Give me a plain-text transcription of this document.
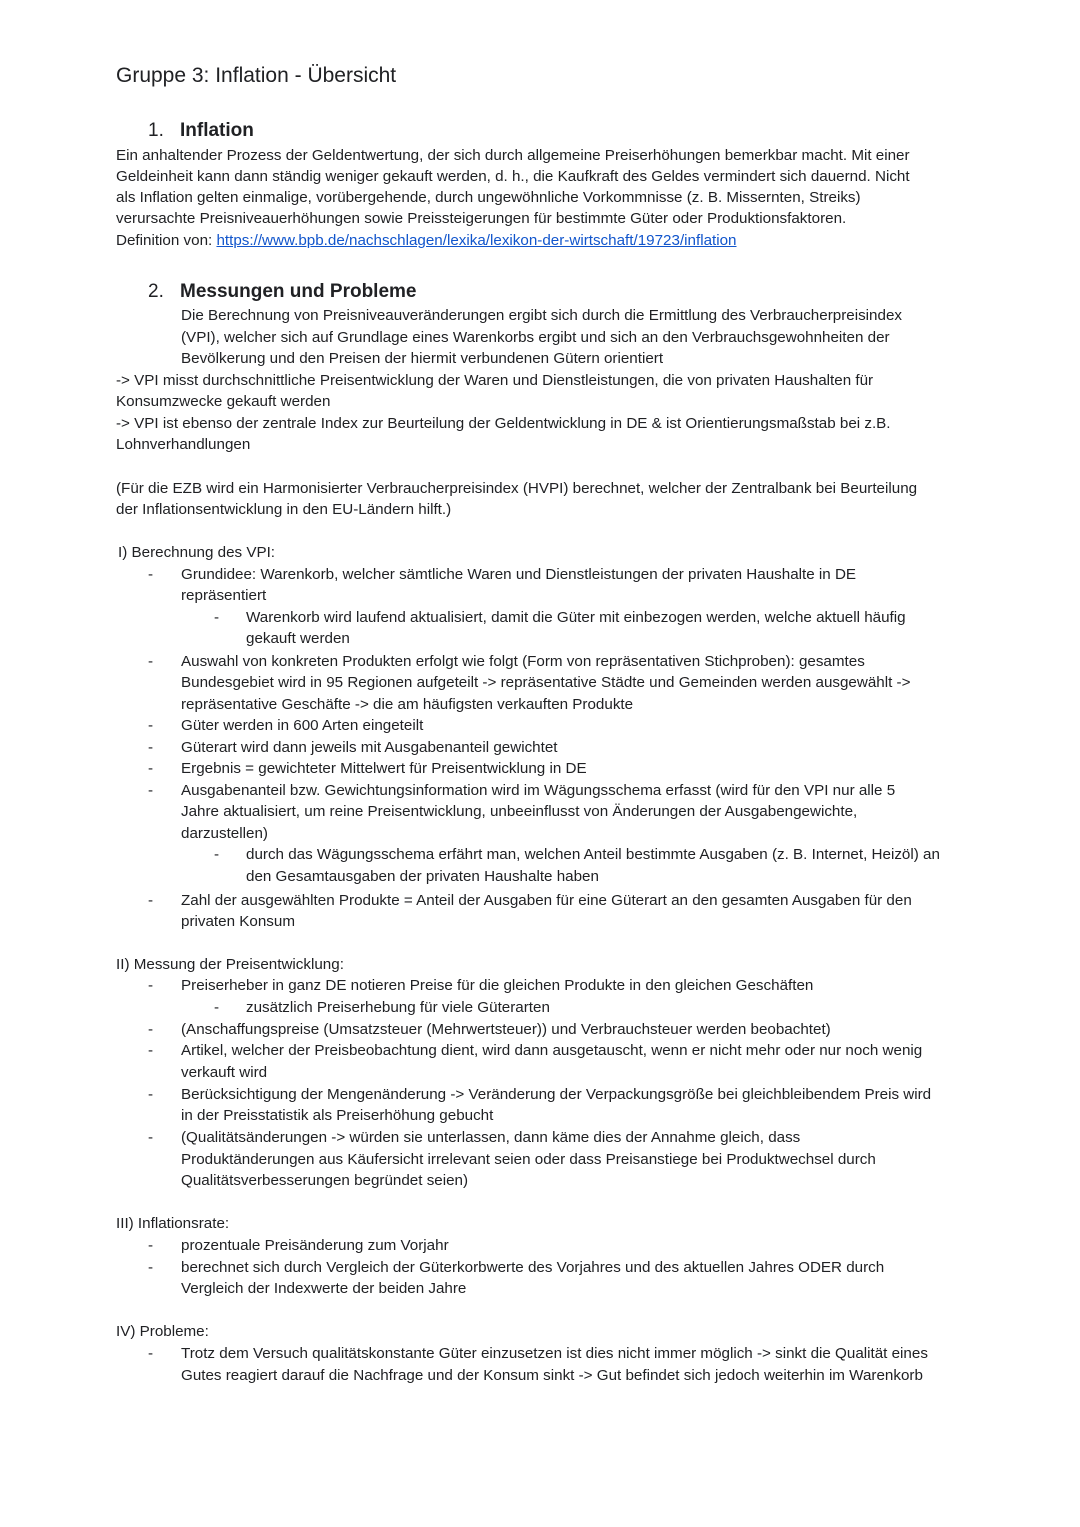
Gruppe 3: Inflation - Übersicht
1. Inflation
Ein anhaltender Prozess der Geldentwertung, der sich durch allgemeine Preiserhöhungen bemerkbar macht. Mit einer
Geldeinheit kann dann ständig weniger gekauft werden, d. h., die Kaufkraft des Geldes vermindert sich dauernd. Nicht
als Inflation gelten einmalige, vorübergehende, durch ungewöhnliche Vorkommnisse (z. B. Missernten, Streiks)
verursachte Preisniveauerhöhungen sowie Preissteigerungen für bestimmte Güter oder Produktionsfaktoren.
Definition von: https://www.bpb.de/nachschlagen/lexika/lexikon-der-wirtschaft/19723/inflation
2. Messungen und Probleme
Die Berechnung von Preisniveauveränderungen ergibt sich durch die Ermittlung des Verbraucherpreisindex
(VPI), welcher sich auf Grundlage eines Warenkorbs ergibt und sich an den Verbrauchsgewohnheiten der
Bevölkerung und den Preisen der hiermit verbundenen Gütern orientiert
-> VPI misst durchschnittliche Preisentwicklung der Waren und Dienstleistungen, die von privaten Haushalten für
Konsumzwecke gekauft werden
-> VPI ist ebenso der zentrale Index zur Beurteilung der Geldentwicklung in DE & ist Orientierungsmaßstab bei z.B.
Lohnverhandlungen
(Für die EZB wird ein Harmonisierter Verbraucherpreisindex (HVPI) berechnet, welcher der Zentralbank bei Beurteilung
der Inflationsentwicklung in den EU-Ländern hilft.)
I) Berechnung des VPI:
- Grundidee: Warenkorb, welcher sämtliche Waren und Dienstleistungen der privaten Haushalte in DE
repräsentiert
- Warenkorb wird laufend aktualisiert, damit die Güter mit einbezogen werden, welche aktuell häufig
gekauft werden
- Auswahl von konkreten Produkten erfolgt wie folgt (Form von repräsentativen Stichproben): gesamtes
Bundesgebiet wird in 95 Regionen aufgeteilt -> repräsentative Städte und Gemeinden werden ausgewählt ->
repräsentative Geschäfte -> die am häufigsten verkauften Produkte
- Güter werden in 600 Arten eingeteilt
- Güterart wird dann jeweils mit Ausgabenanteil gewichtet
- Ergebnis = gewichteter Mittelwert für Preisentwicklung in DE
- Ausgabenanteil bzw. Gewichtungsinformation wird im Wägungsschema erfasst (wird für den VPI nur alle 5
Jahre aktualisiert, um reine Preisentwicklung, unbeeinflusst von Änderungen der Ausgabengewichte,
darzustellen)
- durch das Wägungsschema erfährt man, welchen Anteil bestimmte Ausgaben (z. B. Internet, Heizöl) an
den Gesamtausgaben der privaten Haushalte haben
- Zahl der ausgewählten Produkte = Anteil der Ausgaben für eine Güterart an den gesamten Ausgaben für den
privaten Konsum
II) Messung der Preisentwicklung:
- Preiserheber in ganz DE notieren Preise für die gleichen Produkte in den gleichen Geschäften
- zusätzlich Preiserhebung für viele Güterarten
- (Anschaffungspreise (Umsatzsteuer (Mehrwertsteuer)) und Verbrauchsteuer werden beobachtet)
- Artikel, welcher der Preisbeobachtung dient, wird dann ausgetauscht, wenn er nicht mehr oder nur noch wenig
verkauft wird
- Berücksichtigung der Mengenänderung -> Veränderung der Verpackungsgröße bei gleichbleibendem Preis wird
in der Preisstatistik als Preiserhöhung gebucht
- (Qualitätsänderungen -> würden sie unterlassen, dann käme dies der Annahme gleich, dass
Produktänderungen aus Käufersicht irrelevant seien oder dass Preisanstiege bei Produktwechsel durch
Qualitätsverbesserungen begründet seien)
III) Inflationsrate:
- prozentuale Preisänderung zum Vorjahr
- berechnet sich durch Vergleich der Güterkorbwerte des Vorjahres und des aktuellen Jahres ODER durch
Vergleich der Indexwerte der beiden Jahre
IV) Probleme:
- Trotz dem Versuch qualitätskonstante Güter einzusetzen ist dies nicht immer möglich -> sinkt die Qualität eines
Gutes reagiert darauf die Nachfrage und der Konsum sinkt -> Gut befindet sich jedoch weiterhin im Warenkorb
